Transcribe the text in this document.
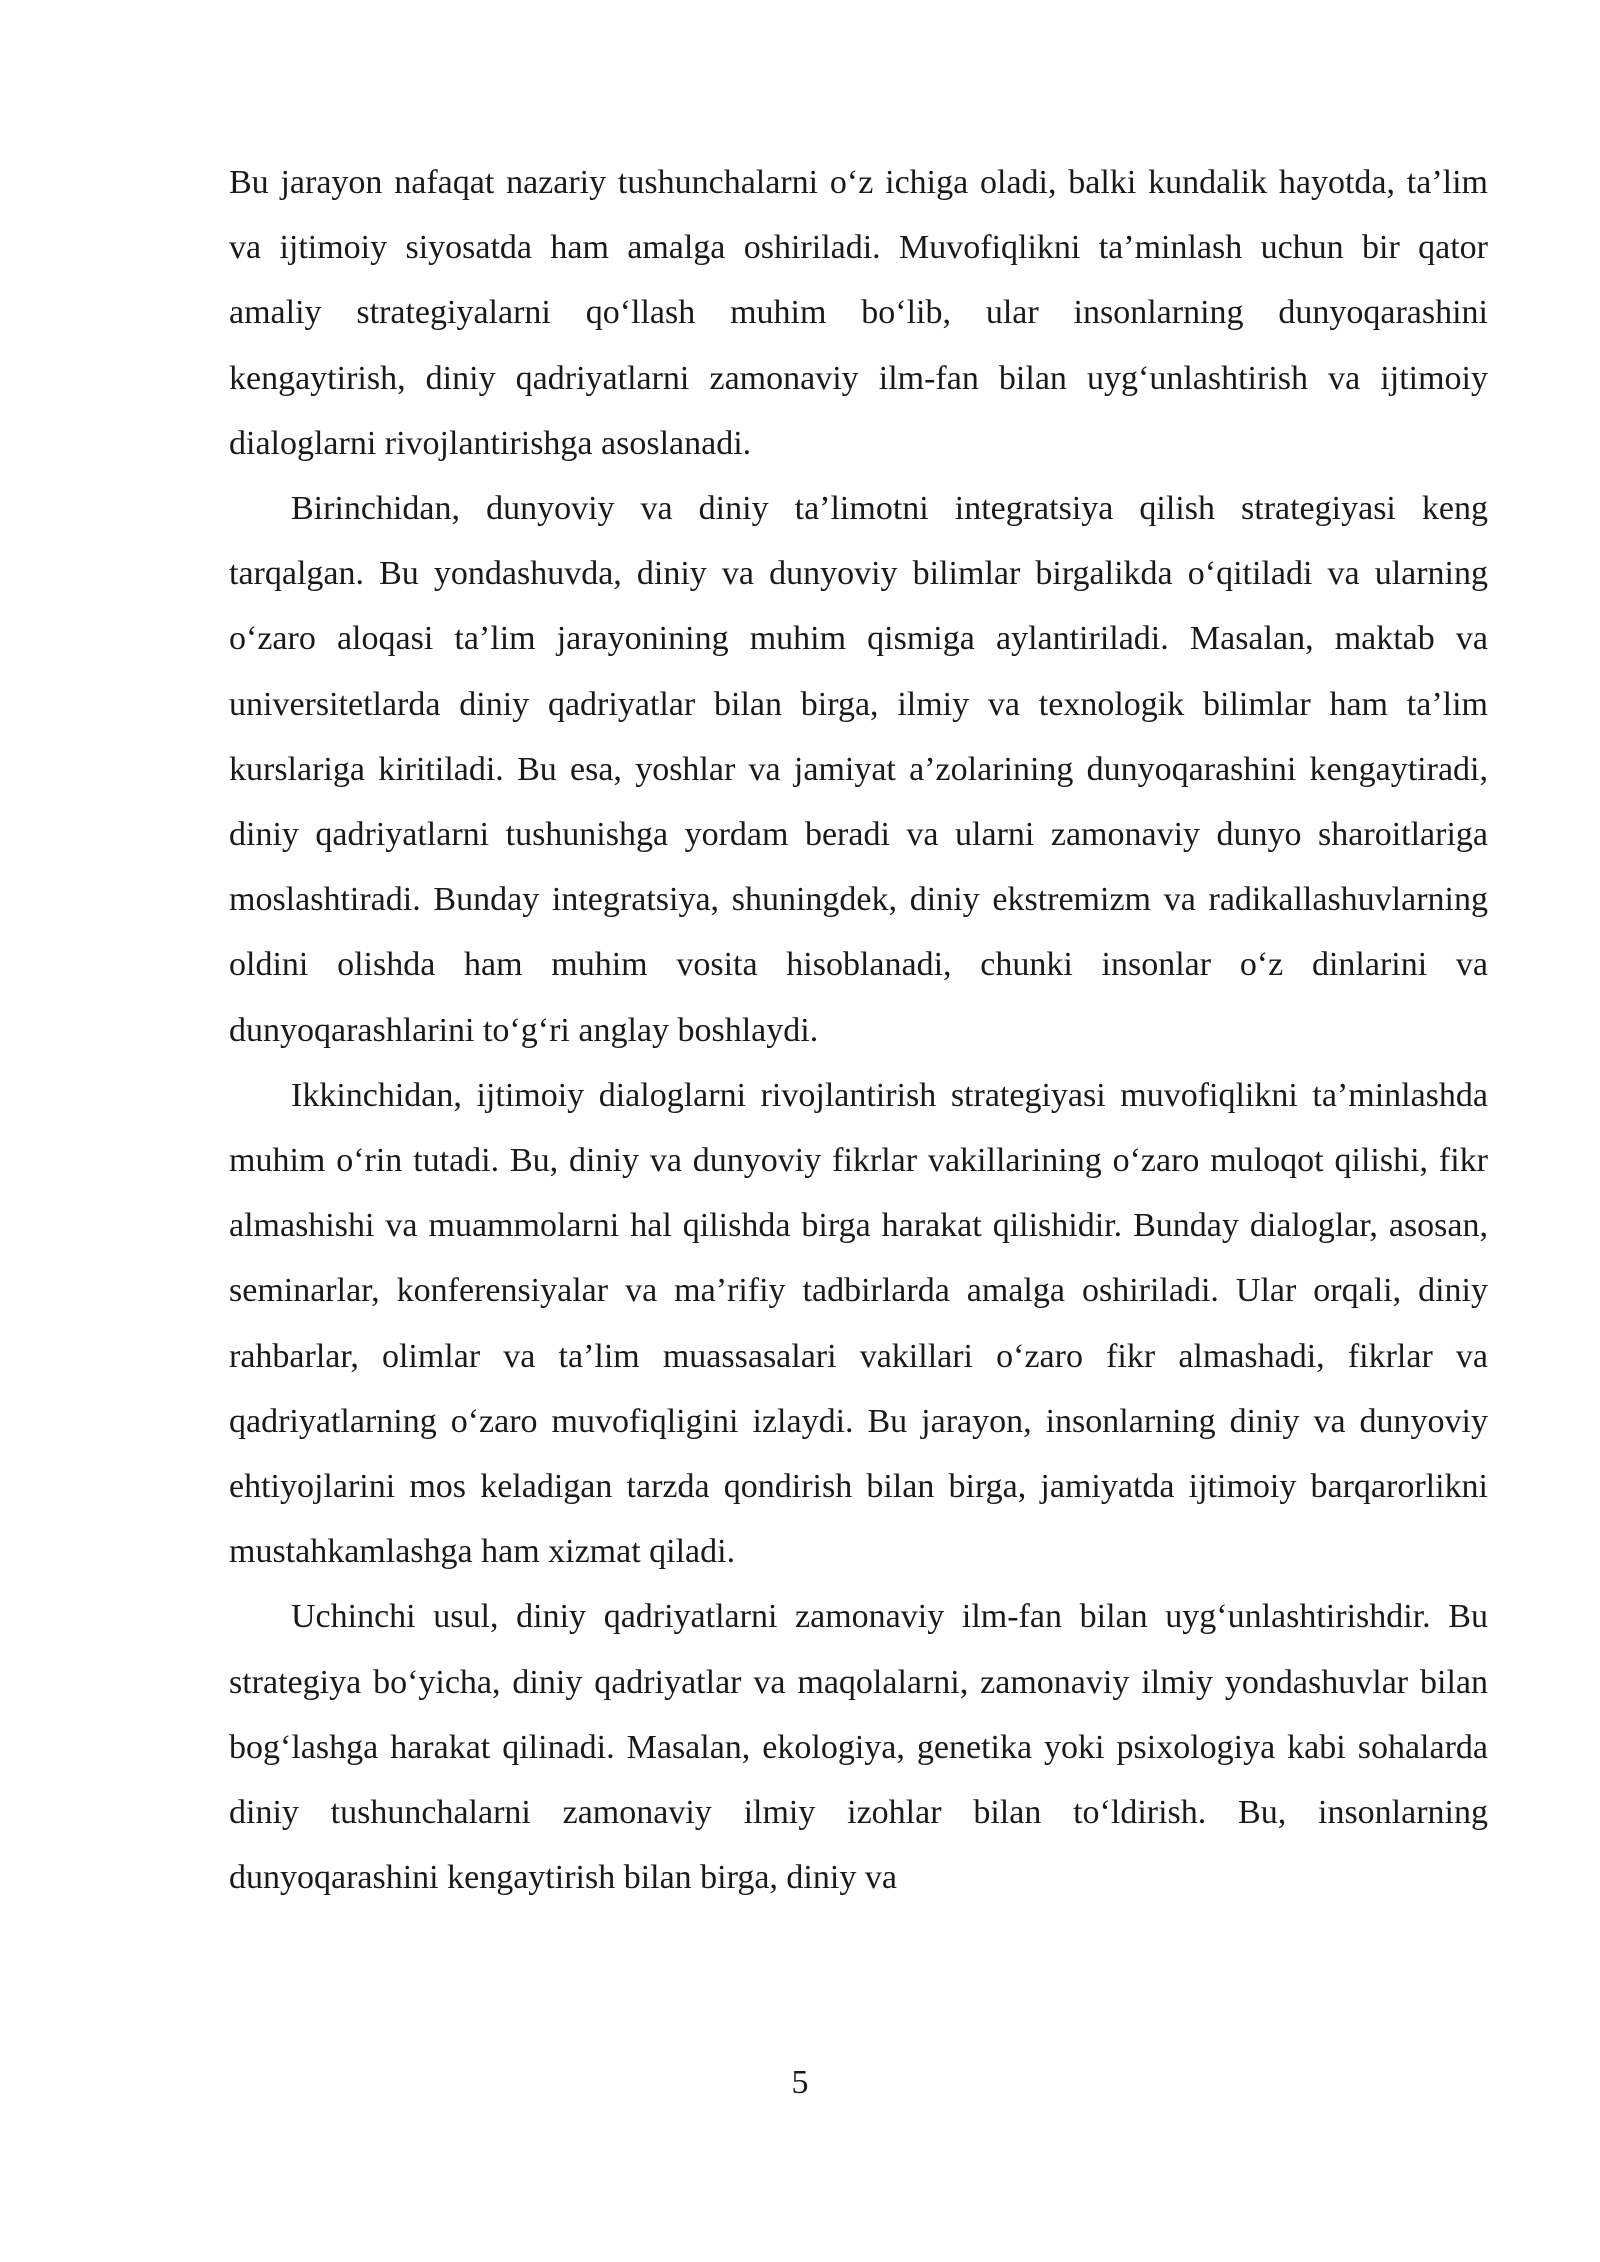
Bu jarayon nafaqat nazariy tushunchalarni o‘z ichiga oladi, balki kundalik hayotda, ta’lim va ijtimoiy siyosatda ham amalga oshiriladi. Muvofiqlikni ta’minlash uchun bir qator amaliy strategiyalarni qo‘llash muhim bo‘lib, ular insonlarning dunyoqarashini kengaytirish, diniy qadriyatlarni zamonaviy ilm-fan bilan uyg‘unlashtirish va ijtimoiy dialoglarni rivojlantirishga asoslanadi.

Birinchidan, dunyoviy va diniy ta’limotni integratsiya qilish strategiyasi keng tarqalgan. Bu yondashuvda, diniy va dunyoviy bilimlar birgalikda o‘qitiladi va ularning o‘zaro aloqasi ta’lim jarayonining muhim qismiga aylantiriladi. Masalan, maktab va universitetlarda diniy qadriyatlar bilan birga, ilmiy va texnologik bilimlar ham ta’lim kurslariga kiritiladi. Bu esa, yoshlar va jamiyat a’zolarining dunyoqarashini kengaytiradi, diniy qadriyatlarni tushunishga yordam beradi va ularni zamonaviy dunyo sharoitlariga moslashtiradi. Bunday integratsiya, shuningdek, diniy ekstremizm va radikallashuvlarning oldini olishda ham muhim vosita hisoblanadi, chunki insonlar o‘z dinlarini va dunyoqarashlarini to‘g‘ri anglay boshlaydi.

Ikkinchidan, ijtimoiy dialoglarni rivojlantirish strategiyasi muvofiqlikni ta’minlashda muhim o‘rin tutadi. Bu, diniy va dunyoviy fikrlar vakillarining o‘zaro muloqot qilishi, fikr almashishi va muammolarni hal qilishda birga harakat qilishidir. Bunday dialoglar, asosan, seminarlar, konferensiyalar va ma’rifiy tadbirlarda amalga oshiriladi. Ular orqali, diniy rahbarlar, olimlar va ta’lim muassasalari vakillari o‘zaro fikr almashadi, fikrlar va qadriyatlarning o‘zaro muvofiqligini izlaydi. Bu jarayon, insonlarning diniy va dunyoviy ehtiyojlarini mos keladigan tarzda qondirish bilan birga, jamiyatda ijtimoiy barqarorlikni mustahkamlashga ham xizmat qiladi.

Uchinchi usul, diniy qadriyatlarni zamonaviy ilm-fan bilan uyg‘unlashtirishdir. Bu strategiya bo‘yicha, diniy qadriyatlar va maqolalarni, zamonaviy ilmiy yondashuvlar bilan bog‘lashga harakat qilinadi. Masalan, ekologiya, genetika yoki psixologiya kabi sohalarda diniy tushunchalarni zamonaviy ilmiy izohlar bilan to‘ldirish. Bu, insonlarning dunyoqarashini kengaytirish bilan birga, diniy va

5
